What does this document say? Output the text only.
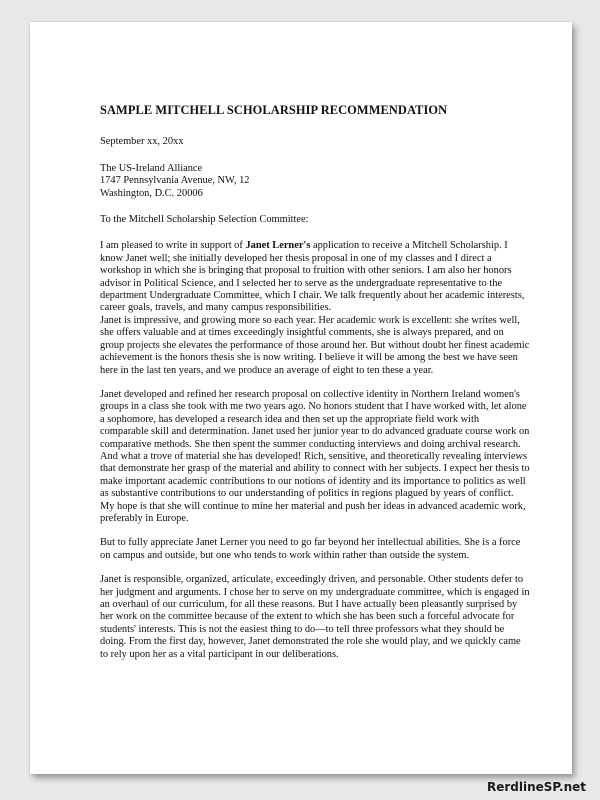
SAMPLE MITCHELL SCHOLARSHIP RECOMMENDATION
September xx, 20xx
The US-Ireland Alliance
1747 Pennsylvania Avenue, NW, 12
Washington, D.C. 20006
To the Mitchell Scholarship Selection Committee:

I am pleased to write in support of Janet Lerner's application to receive a Mitchell Scholarship. I know Janet well; she initially developed her thesis proposal in one of my classes and I direct a workshop in which she is bringing that proposal to fruition with other seniors. I am also her honors advisor in Political Science, and I selected her to serve as the undergraduate representative to the department Undergraduate Committee, which I chair. We talk frequently about her academic interests, career goals, travels, and many campus responsibilities.

Janet is impressive, and growing more so each year. Her academic work is excellent: she writes well, she offers valuable and at times exceedingly insightful comments, she is always prepared, and on group projects she elevates the performance of those around her. But without doubt her finest academic achievement is the honors thesis she is now writing. I believe it will be among the best we have seen here in the last ten years, and we produce an average of eight to ten these a year.

Janet developed and refined her research proposal on collective identity in Northern Ireland women's groups in a class she took with me two years ago. No honors student that I have worked with, let alone a sophomore, has developed a research idea and then set up the appropriate field work with comparable skill and determination. Janet used her junior year to do advanced graduate course work on comparative methods. She then spent the summer conducting interviews and doing archival research. And what a trove of material she has developed! Rich, sensitive, and theoretically revealing interviews that demonstrate her grasp of the material and ability to connect with her subjects. I expect her thesis to make important academic contributions to our notions of identity and its importance to politics as well as substantive contributions to our understanding of politics in regions plagued by years of conflict. My hope is that she will continue to mine her material and push her ideas in advanced academic work, preferably in Europe.

But to fully appreciate Janet Lerner you need to go far beyond her intellectual abilities. She is a force on campus and outside, but one who tends to work within rather than outside the system.

Janet is responsible, organized, articulate, exceedingly driven, and personable. Other students defer to her judgment and arguments. I chose her to serve on my undergraduate committee, which is engaged in an overhaul of our curriculum, for all these reasons. But I have actually been pleasantly surprised by her work on the committee because of the extent to which she has been such a forceful advocate for students' interests. This is not the easiest thing to do—to tell three professors what they should be doing. From the first day, however, Janet demonstrated the role she would play, and we quickly came to rely upon her as a vital participant in our deliberations.

RerdlineSP.net
